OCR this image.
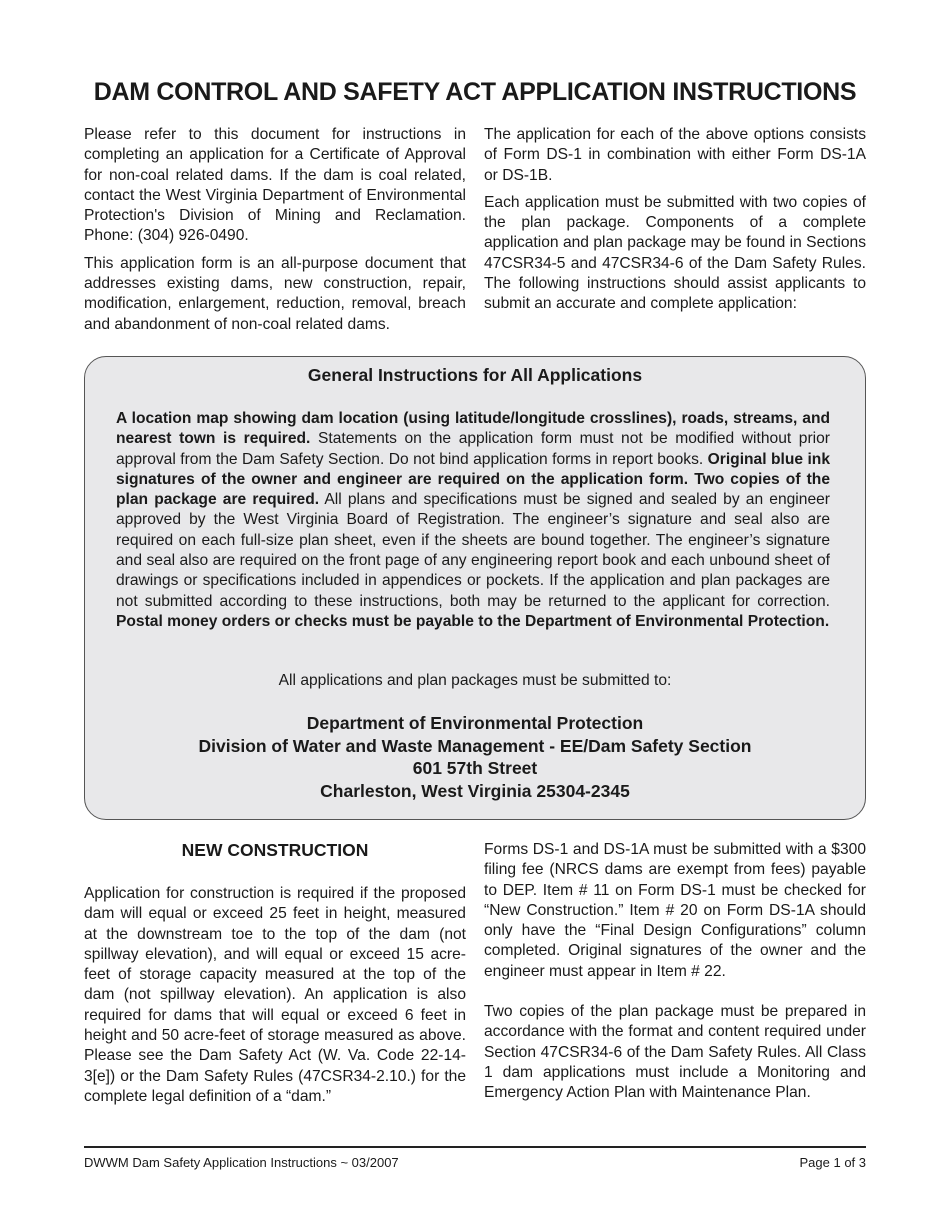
DAM CONTROL AND SAFETY ACT APPLICATION INSTRUCTIONS

Please refer to this document for instructions in completing an application for a Certificate of Approval for non-coal related dams. If the dam is coal related, contact the West Virginia Department of Environmental Protection's Division of Mining and Reclamation. Phone: (304) 926-0490.

This application form is an all-purpose document that addresses existing dams, new construction, repair, modification, enlargement, reduction, removal, breach and abandonment of non-coal related dams.

The application for each of the above options consists of Form DS-1 in combination with either Form DS-1A or DS-1B.

Each application must be submitted with two copies of the plan package. Components of a complete application and plan package may be found in Sections 47CSR34-5 and 47CSR34-6 of the Dam Safety Rules. The following instructions should assist applicants to submit an accurate and complete application:

General Instructions for All Applications
A location map showing dam location (using latitude/longitude crosslines), roads, streams, and nearest town is required. Statements on the application form must not be modified without prior approval from the Dam Safety Section. Do not bind application forms in report books. Original blue ink signatures of the owner and engineer are required on the application form. Two copies of the plan package are required. All plans and specifications must be signed and sealed by an engineer approved by the West Virginia Board of Registration. The engineer’s signature and seal also are required on each full-size plan sheet, even if the sheets are bound together. The engineer’s signature and seal also are required on the front page of any engineering report book and each unbound sheet of drawings or specifications included in appendices or pockets. If the application and plan packages are not submitted according to these instructions, both may be returned to the applicant for correction. Postal money orders or checks must be payable to the Department of Environmental Protection.
All applications and plan packages must be submitted to:
Department of Environmental Protection
Division of Water and Waste Management - EE/Dam Safety Section
601 57th Street
Charleston, West Virginia 25304-2345
NEW CONSTRUCTION

Application for construction is required if the proposed dam will equal or exceed 25 feet in height, measured at the downstream toe to the top of the dam (not spillway elevation), and will equal or exceed 15 acre-feet of storage capacity measured at the top of the dam (not spillway elevation). An application is also required for dams that will equal or exceed 6 feet in height and 50 acre-feet of storage measured as above. Please see the Dam Safety Act (W. Va. Code 22-14-3[e]) or the Dam Safety Rules (47CSR34-2.10.) for the complete legal definition of a “dam.”

Forms DS-1 and DS-1A must be submitted with a $300 filing fee (NRCS dams are exempt from fees) payable to DEP. Item # 11 on Form DS-1 must be checked for “New Construction.” Item # 20 on Form DS-1A should only have the “Final Design Configurations” column completed. Original signatures of the owner and the engineer must appear in Item # 22.

Two copies of the plan package must be prepared in accordance with the format and content required under Section 47CSR34-6 of the Dam Safety Rules. All Class 1 dam applications must include a Monitoring and Emergency Action Plan with Maintenance Plan.

DWWM Dam Safety Application Instructions ~ 03/2007	Page 1 of 3
